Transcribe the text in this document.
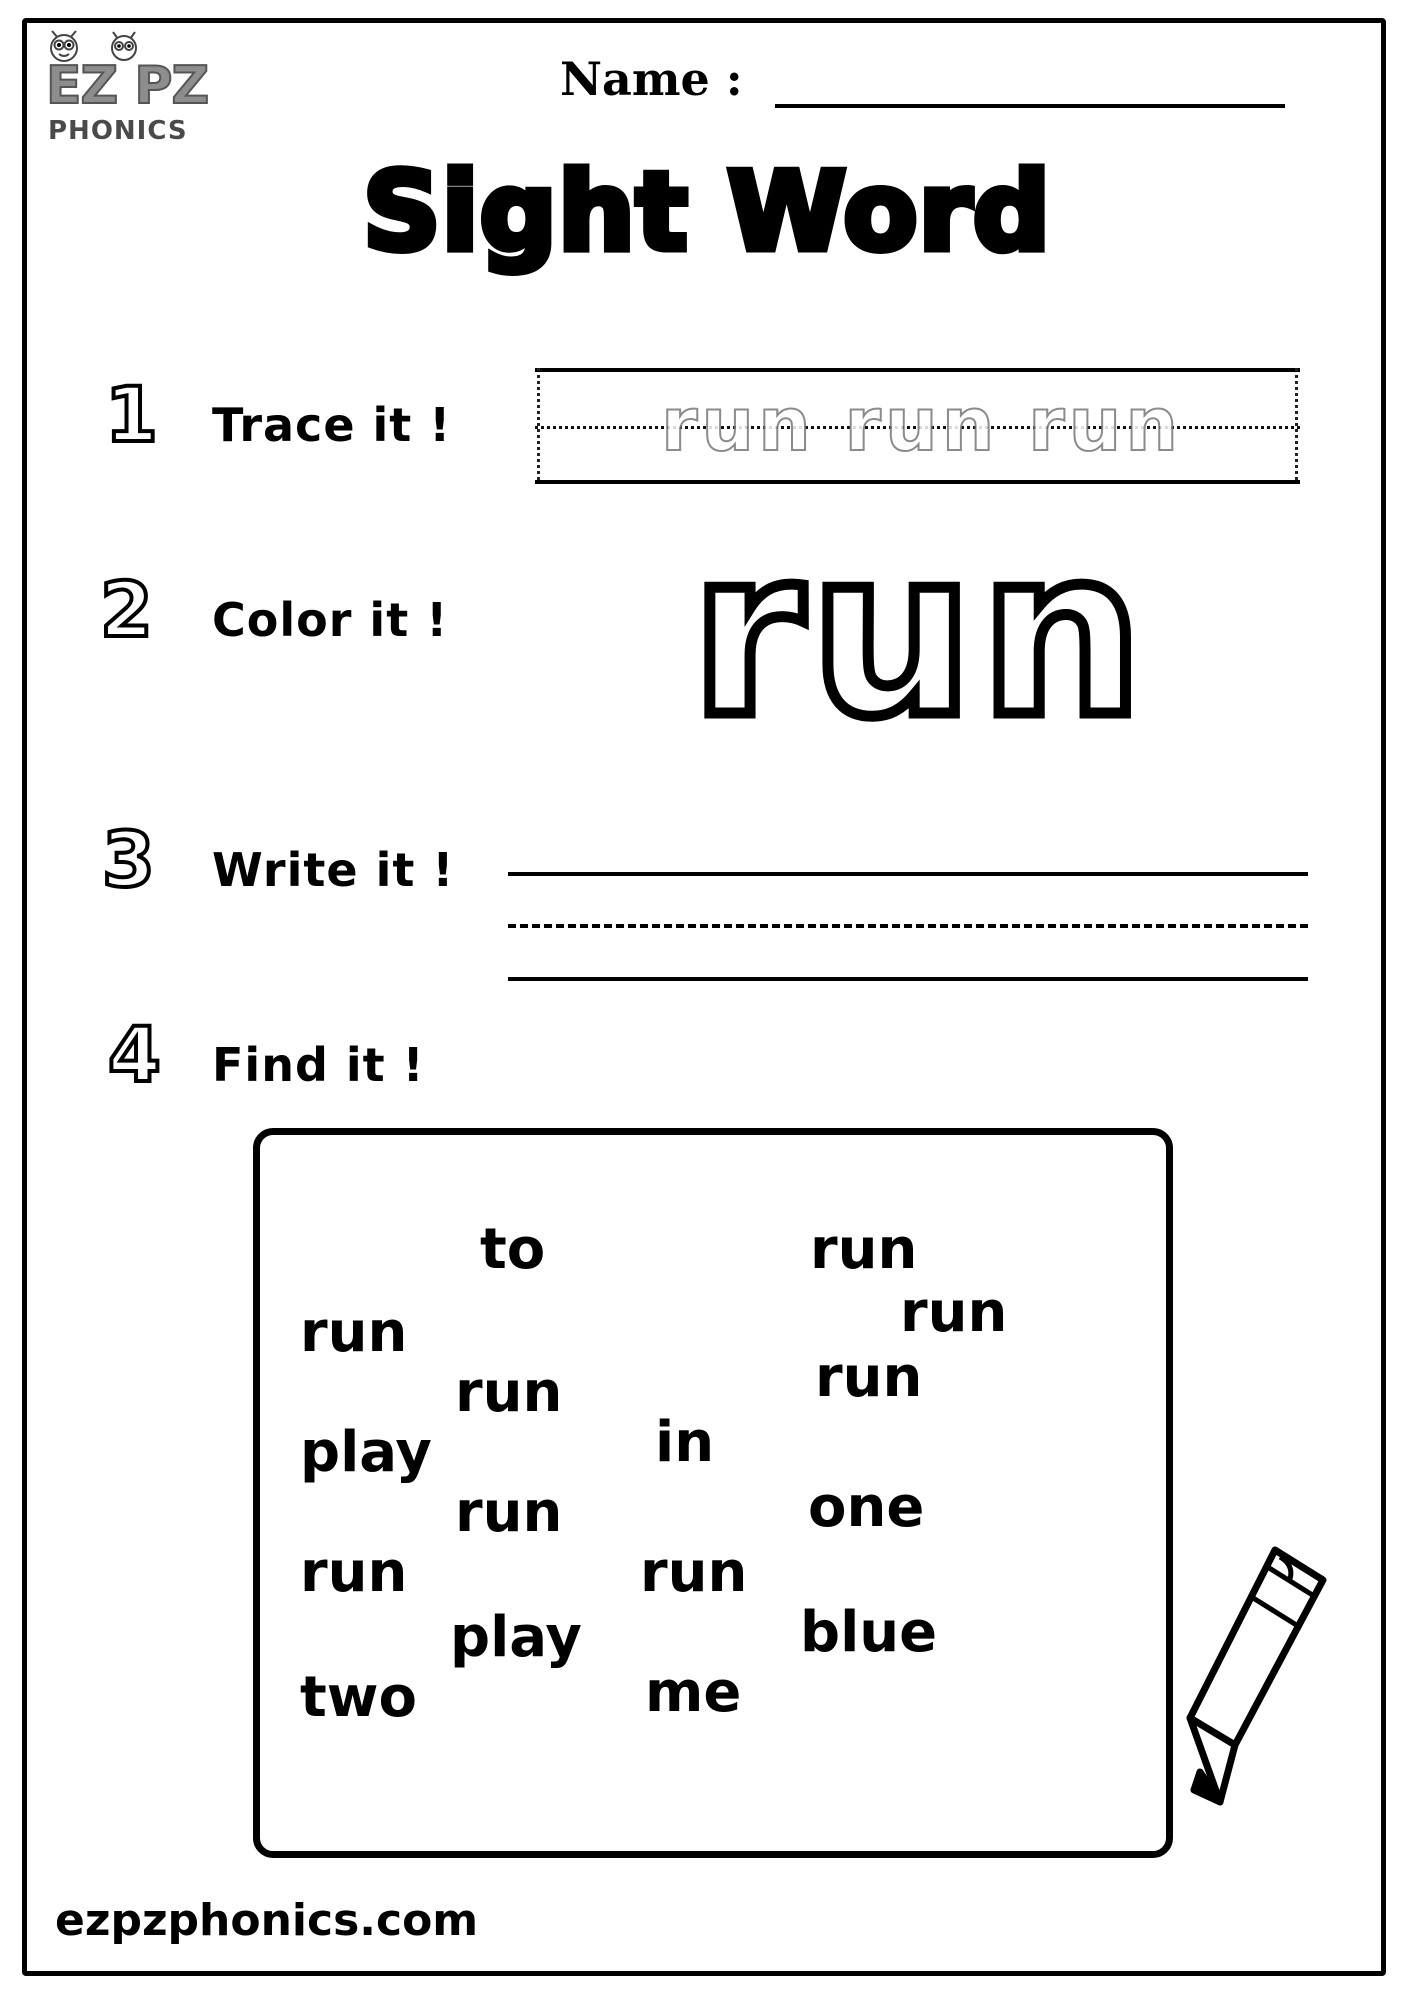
EZ PZ
PHONICS
Name :
Sight Word
1 Trace it !	run run run
2 Color it !	run
3 Write it !
4 Find it !
to	run
run
run
run	run
play	in
run	one
run	run
play	blue
two	me
ezpzphonics.com
